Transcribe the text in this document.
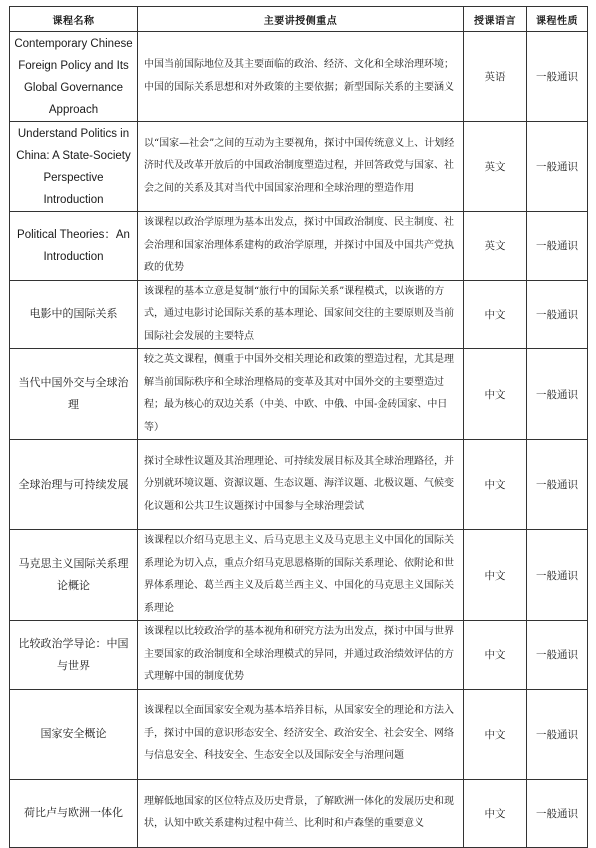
课程名称	主要讲授侧重点	授课语言	课程性质
Contemporary Chinese Foreign Policy and Its Global Governance Approach	中国当前国际地位及其主要面临的政治、经济、文化和全球治理环境；中国的国际关系思想和对外政策的主要依据；新型国际关系的主要涵义	英语	一般通识
Understand Politics in China: A State-Society Perspective Introduction	以“国家—社会”之间的互动为主要视角，探讨中国传统意义上、计划经济时代及改革开放后的中国政治制度塑造过程，并回答政党与国家、社会之间的关系及其对当代中国国家治理和全球治理的塑造作用	英文	一般通识
Political Theories：An Introduction	该课程以政治学原理为基本出发点，探讨中国政治制度、民主制度、社会治理和国家治理体系建构的政治学原理，并探讨中国及中国共产党执政的优势	英文	一般通识
电影中的国际关系	该课程的基本立意是复制“旅行中的国际关系”课程模式，以诙谐的方式，通过电影讨论国际关系的基本理论、国家间交往的主要原则及当前国际社会发展的主要特点	中文	一般通识
当代中国外交与全球治理	较之英文课程，侧重于中国外交相关理论和政策的塑造过程，尤其是理解当前国际秩序和全球治理格局的变革及其对中国外交的主要塑造过程；最为核心的双边关系（中美、中欧、中俄、中国-金砖国家、中日等）	中文	一般通识
全球治理与可持续发展	探讨全球性议题及其治理理论、可持续发展目标及其全球治理路径，并分别就环境议题、资源议题、生态议题、海洋议题、北极议题、气候变化议题和公共卫生议题探讨中国参与全球治理尝试	中文	一般通识
马克思主义国际关系理论概论	该课程以介绍马克思主义、后马克思主义及马克思主义中国化的国际关系理论为切入点，重点介绍马克思恩格斯的国际关系理论、依附论和世界体系理论、葛兰西主义及后葛兰西主义、中国化的马克思主义国际关系理论	中文	一般通识
比较政治学导论：中国与世界	该课程以比较政治学的基本视角和研究方法为出发点，探讨中国与世界主要国家的政治制度和全球治理模式的异同，并通过政治绩效评估的方式理解中国的制度优势	中文	一般通识
国家安全概论	该课程以全面国家安全观为基本培养目标，从国家安全的理论和方法入手，探讨中国的意识形态安全、经济安全、政治安全、社会安全、网络与信息安全、科技安全、生态安全以及国际安全与治理问题	中文	一般通识
荷比卢与欧洲一体化	理解低地国家的区位特点及历史背景，了解欧洲一体化的发展历史和现状，认知中欧关系建构过程中荷兰、比利时和卢森堡的重要意义	中文	一般通识
